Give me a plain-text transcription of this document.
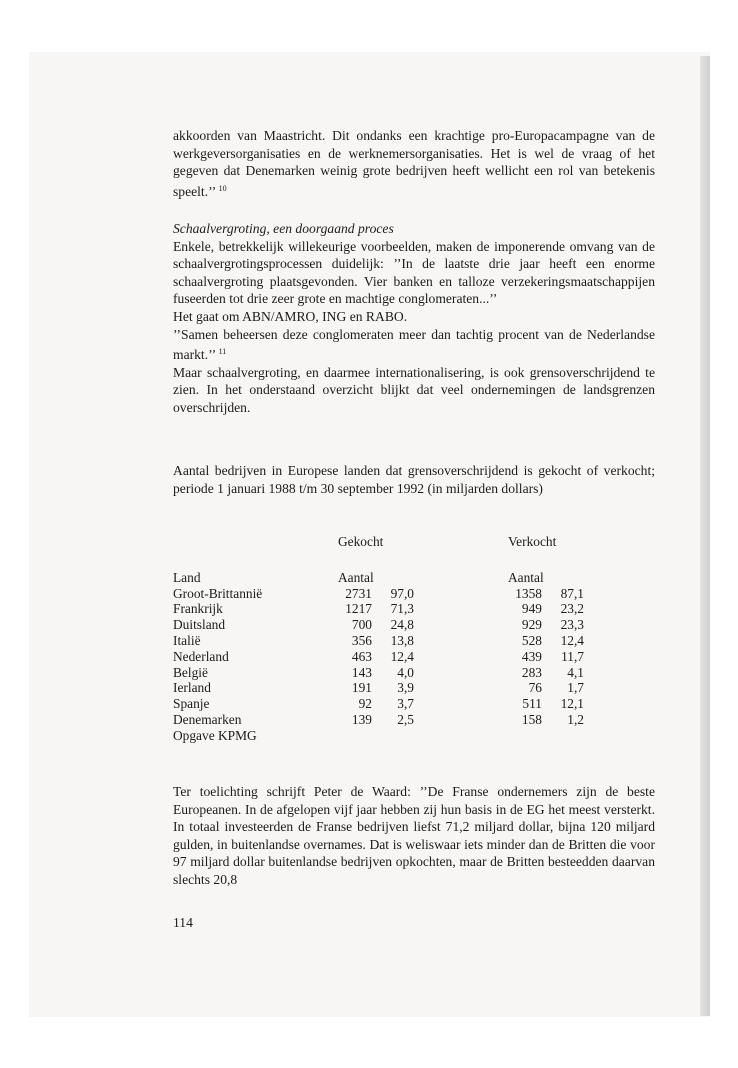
akkoorden van Maastricht. Dit ondanks een krachtige pro-Europacampagne van de werkgeversorganisaties en de werknemersorganisaties. Het is wel de vraag of het gegeven dat Denemarken weinig grote bedrijven heeft wellicht een rol van betekenis speelt.’’ $^{10}$

Schaalvergroting, een doorgaand proces

Enkele, betrekkelijk willekeurige voorbeelden, maken de imponerende omvang van de schaalvergrotingsprocessen duidelijk: ’’In de laatste drie jaar heeft een enorme schaalvergroting plaatsgevonden. Vier banken en talloze verzekeringsmaatschappijen fuseerden tot drie zeer grote en machtige conglomeraten...’’

Het gaat om ABN/AMRO, ING en RABO.

’’Samen beheersen deze conglomeraten meer dan tachtig procent van de Nederlandse markt.’’ $^{11}$

Maar schaalvergroting, en daarmee internationalisering, is ook grensoverschrijdend te zien. In het onderstaand overzicht blijkt dat veel ondernemingen de landsgrenzen overschrijden.

Aantal bedrijven in Europese landen dat grensoverschrijdend is gekocht of verkocht; periode 1 januari 1988 t/m 30 september 1992 (in miljarden dollars)

	Gekocht			Verkocht	

Land	Aantal			Aantal	
Groot-Brittannië	2731	97,0		1358	87,1
Frankrijk	1217	71,3		949	23,2
Duitsland	700	24,8		929	23,3
Italië	356	13,8		528	12,4
Nederland	463	12,4		439	11,7
België	143	4,0		283	4,1
Ierland	191	3,9		76	1,7
Spanje	92	3,7		511	12,1
Denemarken	139	2,5		158	1,2
Opgave KPMG					

Ter toelichting schrijft Peter de Waard: ’’De Franse ondernemers zijn de beste Europeanen. In de afgelopen vijf jaar hebben zij hun basis in de EG het meest versterkt. In totaal investeerden de Franse bedrijven liefst 71,2 miljard dollar, bijna 120 miljard gulden, in buitenlandse overnames. Dat is weliswaar iets minder dan de Britten die voor 97 miljard dollar buitenlandse bedrijven opkochten, maar de Britten besteedden daarvan slechts 20,8

114
